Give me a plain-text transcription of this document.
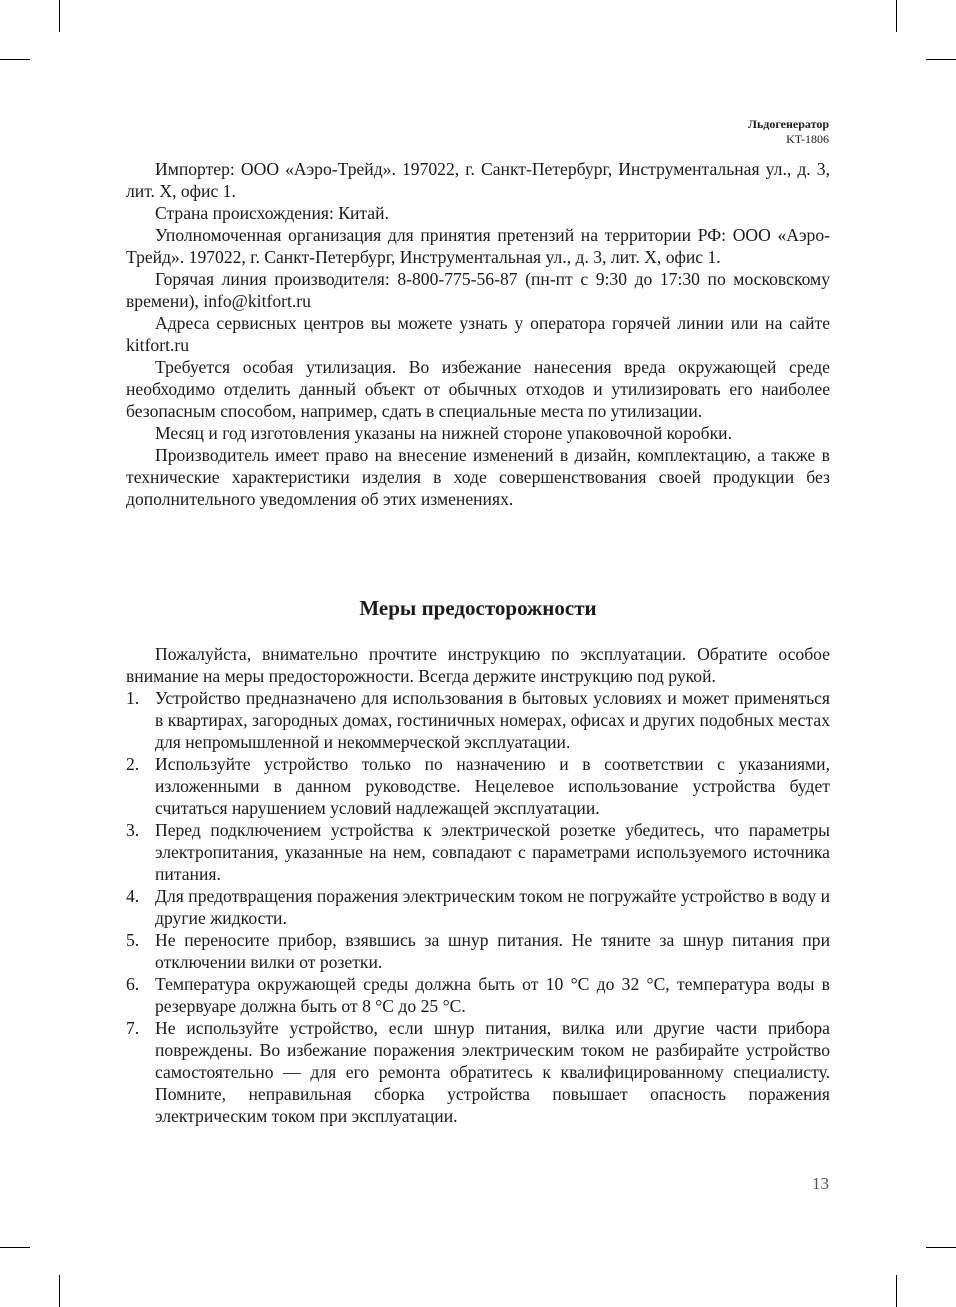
Льдогенератор
KT-1806

Импортер: ООО «Аэро-Трейд». 197022, г. Санкт-Петербург, Инструментальная ул., д. 3, лит. Х, офис 1.

Страна происхождения: Китай.

Уполномоченная организация для принятия претензий на территории РФ: ООО «Аэро-Трейд». 197022, г. Санкт-Петербург, Инструментальная ул., д. 3, лит. Х, офис 1.

Горячая линия производителя: 8-800-775-56-87 (пн-пт с 9:30 до 17:30 по московскому времени), info@kitfort.ru

Адреса сервисных центров вы можете узнать у оператора горячей линии или на сайте kitfort.ru

Требуется особая утилизация. Во избежание нанесения вреда окружающей среде необходимо отделить данный объект от обычных отходов и утилизировать его наиболее безопасным способом, например, сдать в специальные места по утилизации.

Месяц и год изготовления указаны на нижней стороне упаковочной коробки.

Производитель имеет право на внесение изменений в дизайн, комплектацию, а также в технические характеристики изделия в ходе совершенствования своей продукции без дополнительного уведомления об этих изменениях.

Меры предосторожности

Пожалуйста, внимательно прочтите инструкцию по эксплуатации. Обратите особое внимание на меры предосторожности. Всегда держите инструкцию под рукой.

1. Устройство предназначено для использования в бытовых условиях и может применяться в квартирах, загородных домах, гостиничных номерах, офисах и других подобных местах для непромышленной и некоммерческой эксплуатации.
2. Используйте устройство только по назначению и в соответствии с указаниями, изложенными в данном руководстве. Нецелевое использование устройства будет считаться нарушением условий надлежащей эксплуатации.
3. Перед подключением устройства к электрической розетке убедитесь, что параметры электропитания, указанные на нем, совпадают с параметрами используемого источника питания.
4. Для предотвращения поражения электрическим током не погружайте устройство в воду и другие жидкости.
5. Не переносите прибор, взявшись за шнур питания. Не тяните за шнур питания при отключении вилки от розетки.
6. Температура окружающей среды должна быть от 10 °С до 32 °С, температура воды в резервуаре должна быть от 8 °С до 25 °С.
7. Не используйте устройство, если шнур питания, вилка или другие части прибора повреждены. Во избежание поражения электрическим током не разбирайте устройство самостоятельно — для его ремонта обратитесь к квалифицированному специалисту. Помните, неправильная сборка устройства повышает опасность поражения электрическим током при эксплуатации.
13
